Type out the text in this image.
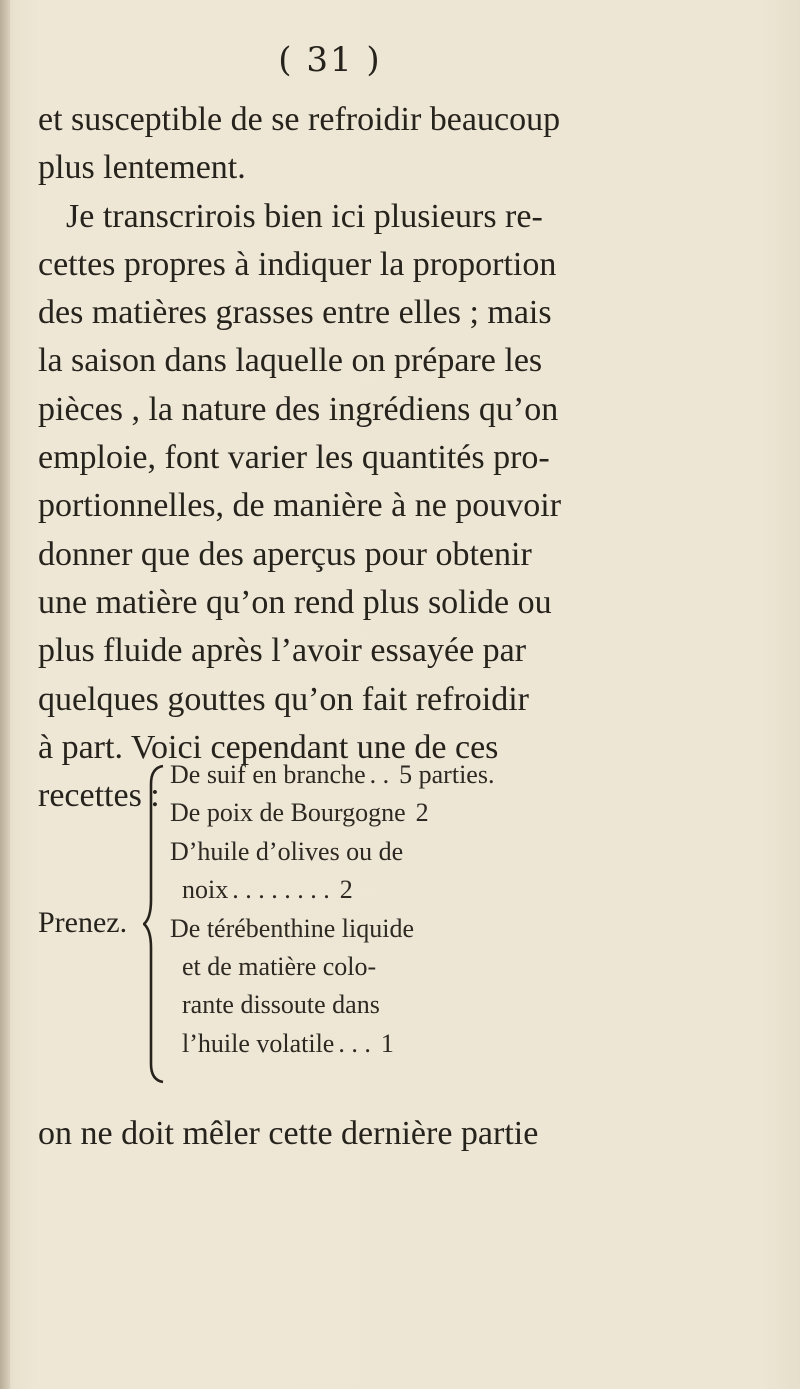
( 31 )
et susceptible de se refroidir beaucoup
plus lentement.
Je transcrirois bien ici plusieurs re-
cettes propres à indiquer la proportion
des matières grasses entre elles ; mais
la saison dans laquelle on prépare les
pièces , la nature des ingrédiens qu’on
emploie, font varier les quantités pro-
portionnelles, de manière à ne pouvoir
donner que des aperçus pour obtenir
une matière qu’on rend plus solide ou
plus fluide après l’avoir essayée par
quelques gouttes qu’on fait refroidir
à part. Voici cependant une de ces
recettes :
Prenez.
De suif en branche . . 5 parties.
De poix de Bourgogne 2
D’huile d’olives ou de
noix . . . . . . . . 2
De térébenthine liquide
et de matière colo-
rante dissoute dans
l’huile volatile . . . 1
on ne doit mêler cette dernière partie
